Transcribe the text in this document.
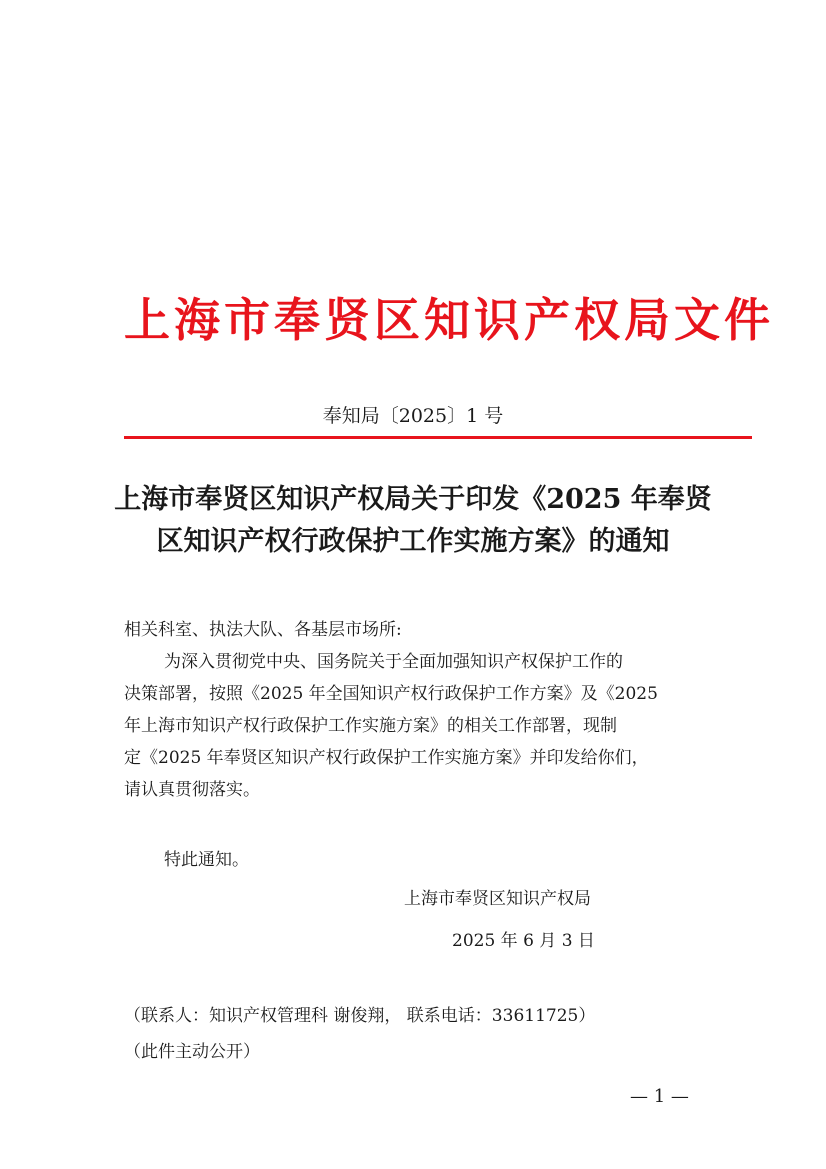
上海市奉贤区知识产权局文件
奉知局〔2025〕1 号
上海市奉贤区知识产权局关于印发《2025 年奉贤
区知识产权行政保护工作实施方案》的通知
相关科室、执法大队、各基层市场所:
为深入贯彻党中央、国务院关于全面加强知识产权保护工作的
决策部署，按照《2025 年全国知识产权行政保护工作方案》及《2025
年上海市知识产权行政保护工作实施方案》的相关工作部署，现制
定《2025 年奉贤区知识产权行政保护工作实施方案》并印发给你们，
请认真贯彻落实。
特此通知。
上海市奉贤区知识产权局
2025 年 6 月 3 日
（联系人：知识产权管理科 谢俊翔， 联系电话：33611725）
（此件主动公开）
— 1 —
